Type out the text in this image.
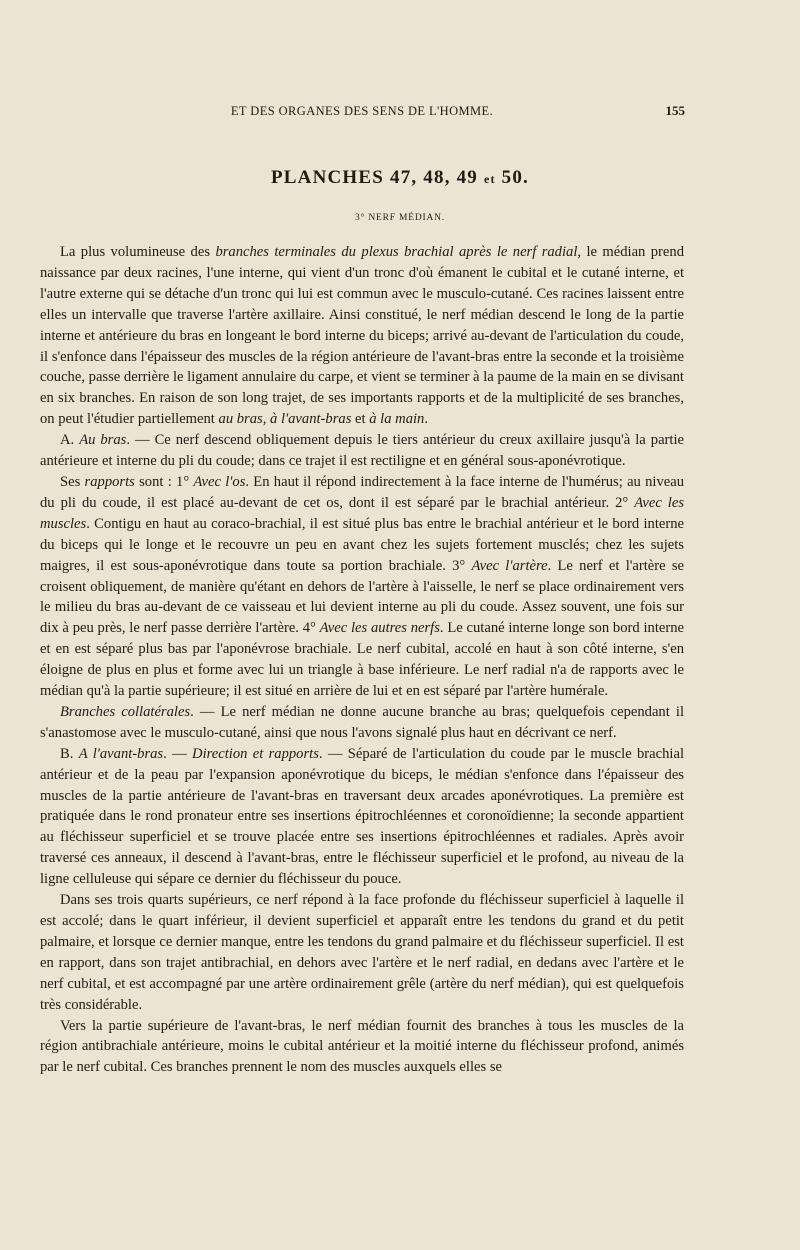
ET DES ORGANES DES SENS DE L'HOMME.	155
PLANCHES 47, 48, 49 et 50.
3° NERF MÉDIAN.

La plus volumineuse des branches terminales du plexus brachial après le nerf radial, le médian prend naissance par deux racines, l'une interne, qui vient d'un tronc d'où émanent le cubital et le cutané interne, et l'autre externe qui se détache d'un tronc qui lui est commun avec le musculo-cutané. Ces racines laissent entre elles un intervalle que traverse l'artère axillaire. Ainsi constitué, le nerf médian descend le long de la partie interne et antérieure du bras en longeant le bord interne du biceps; arrivé au-devant de l'articulation du coude, il s'enfonce dans l'épaisseur des muscles de la région antérieure de l'avant-bras entre la seconde et la troisième couche, passe derrière le ligament annulaire du carpe, et vient se terminer à la paume de la main en se divisant en six branches. En raison de son long trajet, de ses importants rapports et de la multiplicité de ses branches, on peut l'étudier partiellement au bras, à l'avant-bras et à la main.

A. Au bras. — Ce nerf descend obliquement depuis le tiers antérieur du creux axillaire jusqu'à la partie antérieure et interne du pli du coude; dans ce trajet il est rectiligne et en général sous-aponévrotique.

Ses rapports sont : 1° Avec l'os. En haut il répond indirectement à la face interne de l'humérus; au niveau du pli du coude, il est placé au-devant de cet os, dont il est séparé par le brachial antérieur. 2° Avec les muscles. Contigu en haut au coraco-brachial, il est situé plus bas entre le brachial antérieur et le bord interne du biceps qui le longe et le recouvre un peu en avant chez les sujets fortement musclés; chez les sujets maigres, il est sous-aponévrotique dans toute sa portion brachiale. 3° Avec l'artère. Le nerf et l'artère se croisent obliquement, de manière qu'étant en dehors de l'artère à l'aisselle, le nerf se place ordinairement vers le milieu du bras au-devant de ce vaisseau et lui devient interne au pli du coude. Assez souvent, une fois sur dix à peu près, le nerf passe derrière l'artère. 4° Avec les autres nerfs. Le cutané interne longe son bord interne et en est séparé plus bas par l'aponévrose brachiale. Le nerf cubital, accolé en haut à son côté interne, s'en éloigne de plus en plus et forme avec lui un triangle à base inférieure. Le nerf radial n'a de rapports avec le médian qu'à la partie supérieure; il est situé en arrière de lui et en est séparé par l'artère humérale.

Branches collatérales. — Le nerf médian ne donne aucune branche au bras; quelquefois cependant il s'anastomose avec le musculo-cutané, ainsi que nous l'avons signalé plus haut en décrivant ce nerf.

B. A l'avant-bras. — Direction et rapports. — Séparé de l'articulation du coude par le muscle brachial antérieur et de la peau par l'expansion aponévrotique du biceps, le médian s'enfonce dans l'épaisseur des muscles de la partie antérieure de l'avant-bras en traversant deux arcades aponévrotiques. La première est pratiquée dans le rond pronateur entre ses insertions épitrochléennes et coronoïdienne; la seconde appartient au fléchisseur superficiel et se trouve placée entre ses insertions épitrochléennes et radiales. Après avoir traversé ces anneaux, il descend à l'avant-bras, entre le fléchisseur superficiel et le profond, au niveau de la ligne celluleuse qui sépare ce dernier du fléchisseur du pouce.

Dans ses trois quarts supérieurs, ce nerf répond à la face profonde du fléchisseur superficiel à laquelle il est accolé; dans le quart inférieur, il devient superficiel et apparaît entre les tendons du grand et du petit palmaire, et lorsque ce dernier manque, entre les tendons du grand palmaire et du fléchisseur superficiel. Il est en rapport, dans son trajet antibrachial, en dehors avec l'artère et le nerf radial, en dedans avec l'artère et le nerf cubital, et est accompagné par une artère ordinairement grêle (artère du nerf médian), qui est quelquefois très considérable.

Vers la partie supérieure de l'avant-bras, le nerf médian fournit des branches à tous les muscles de la région antibrachiale antérieure, moins le cubital antérieur et la moitié interne du fléchisseur profond, animés par le nerf cubital. Ces branches prennent le nom des muscles auxquels elles se
